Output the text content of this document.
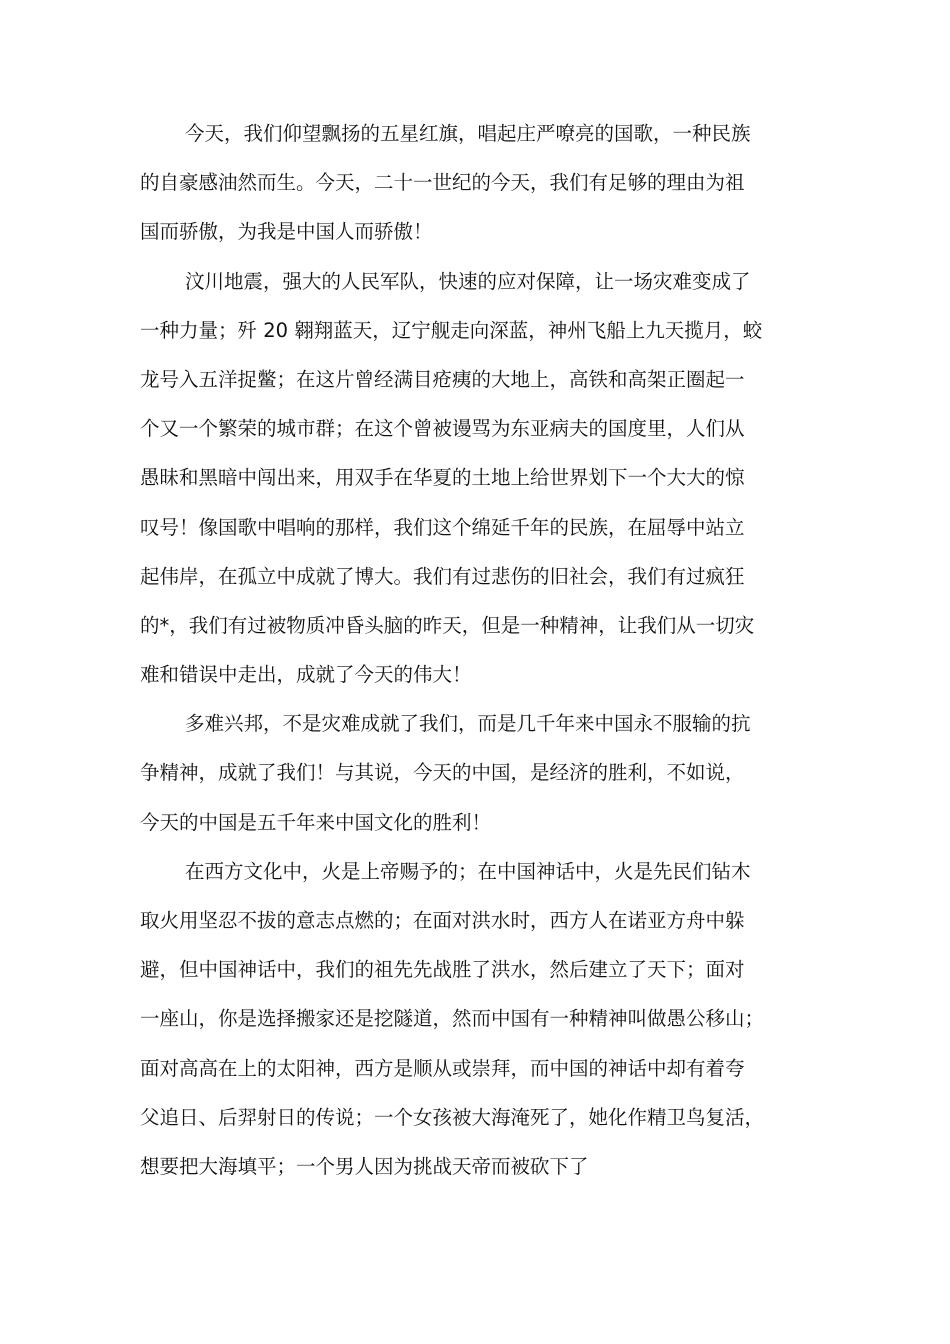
今天，我们仰望飘扬的五星红旗，唱起庄严嘹亮的国歌，一种民族
的自豪感油然而生。今天，二十一世纪的今天，我们有足够的理由为祖
国而骄傲，为我是中国人而骄傲！

汶川地震，强大的人民军队，快速的应对保障，让一场灾难变成了
一种力量；歼 20 翱翔蓝天，辽宁舰走向深蓝，神州飞船上九天揽月，蛟
龙号入五洋捉鳖；在这片曾经满目疮痍的大地上，高铁和高架正圈起一
个又一个繁荣的城市群；在这个曾被谩骂为东亚病夫的国度里，人们从
愚昧和黑暗中闯出来，用双手在华夏的土地上给世界划下一个大大的惊
叹号！像国歌中唱响的那样，我们这个绵延千年的民族，在屈辱中站立
起伟岸，在孤立中成就了博大。我们有过悲伤的旧社会，我们有过疯狂
的*，我们有过被物质冲昏头脑的昨天，但是一种精神，让我们从一切灾
难和错误中走出，成就了今天的伟大！

多难兴邦，不是灾难成就了我们，而是几千年来中国永不服输的抗
争精神，成就了我们！与其说，今天的中国，是经济的胜利，不如说，
今天的中国是五千年来中国文化的胜利！

在西方文化中，火是上帝赐予的；在中国神话中，火是先民们钻木
取火用坚忍不拔的意志点燃的；在面对洪水时，西方人在诺亚方舟中躲
避，但中国神话中，我们的祖先先战胜了洪水，然后建立了天下；面对
一座山，你是选择搬家还是挖隧道，然而中国有一种精神叫做愚公移山；
面对高高在上的太阳神，西方是顺从或崇拜，而中国的神话中却有着夸
父追日、后羿射日的传说；一个女孩被大海淹死了，她化作精卫鸟复活，
想要把大海填平；一个男人因为挑战天帝而被砍下了
